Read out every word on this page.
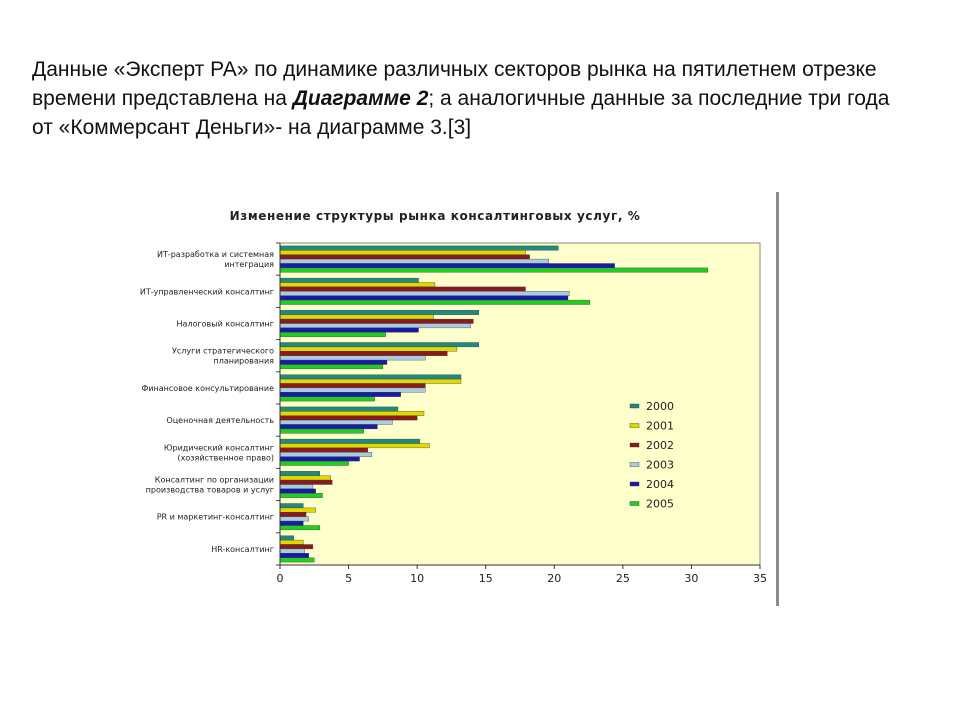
Данные «Эксперт РА» по динамике различных секторов рынка на пятилетнем отрезке времени представлена на Диаграмме 2; а аналогичные данные за последние три года от «Коммерсант Деньги»- на диаграмме 3.[3]
Изменение структуры рынка консалтинговых услуг, %
ИТ-разработка и системная интеграция
ИТ-управленческий консалтинг
Налоговый консалтинг
Услуги стратегического планирования
Финансовое консультирование
Оценочная деятельность
Юридический консалтинг (хозяйственное право)
Консалтинг по организации производства товаров и услуг
PR и маркетинг-консалтинг
HR-консалтинг
0	5	10	15	20	25	30	35
2000
2001
2002
2003
2004
2005
